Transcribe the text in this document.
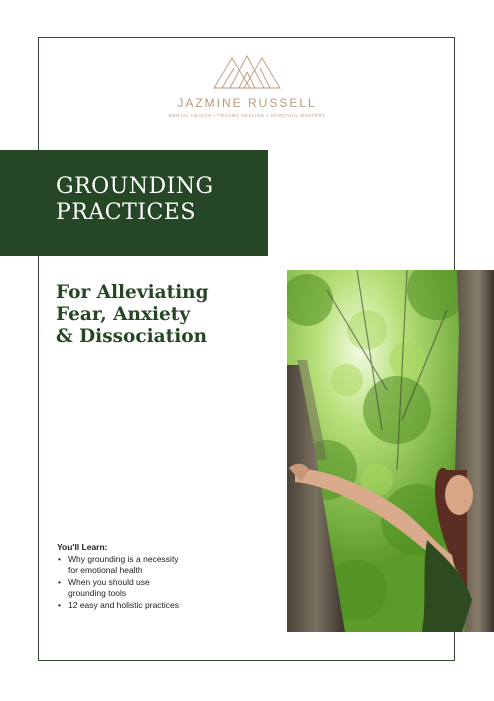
JAZMINE RUSSELL
MENTAL HEALTH • TRAUMA HEALING • SPIRITUAL MASTERY
GROUNDING
PRACTICES
For Alleviating
Fear, Anxiety
& Dissociation
You'll Learn:
• Why grounding is a necessity
for emotional health
• When you should use
grounding tools
• 12 easy and holistic practices
